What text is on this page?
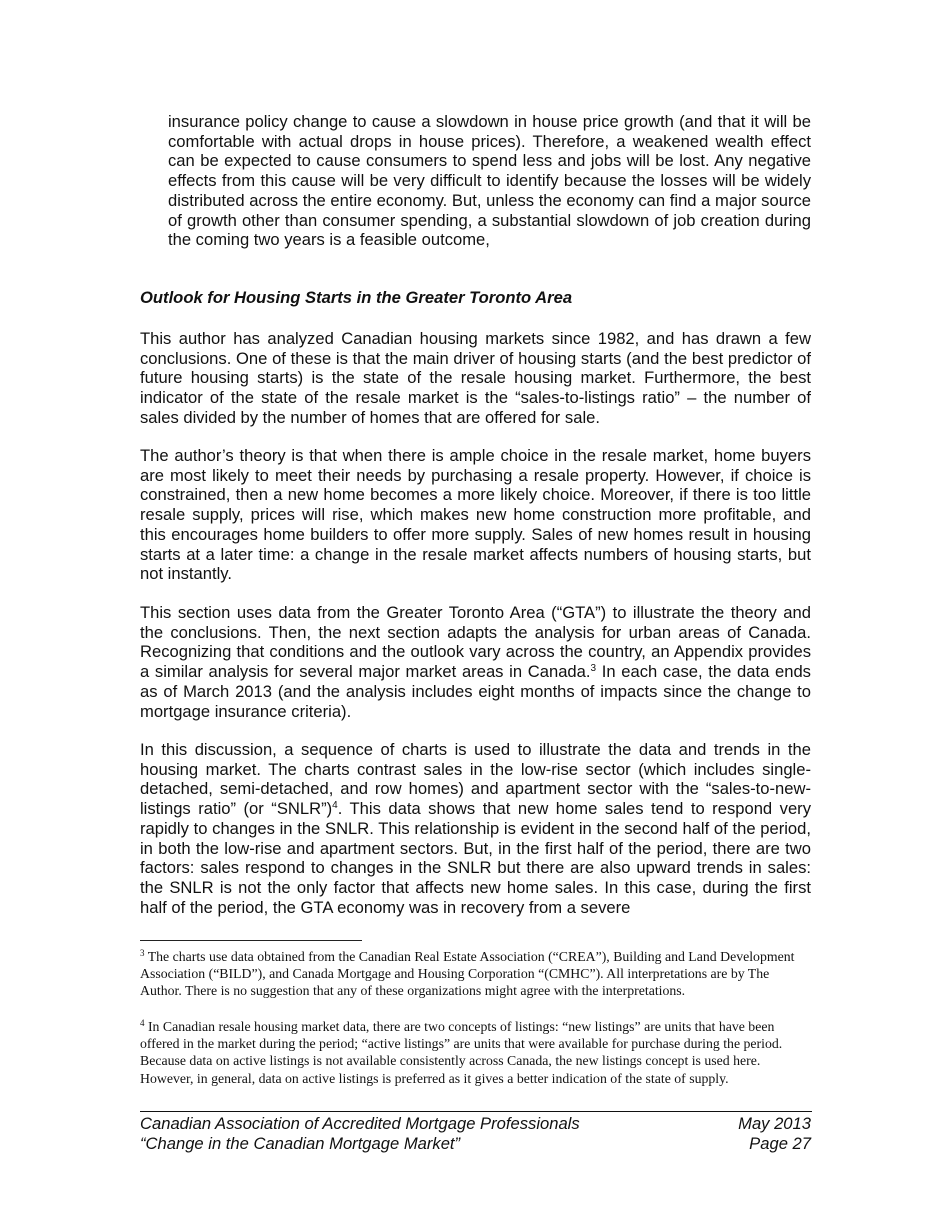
insurance policy change to cause a slowdown in house price growth (and that it will be comfortable with actual drops in house prices). Therefore, a weakened wealth effect can be expected to cause consumers to spend less and jobs will be lost. Any negative effects from this cause will be very difficult to identify because the losses will be widely distributed across the entire economy. But, unless the economy can find a major source of growth other than consumer spending, a substantial slowdown of job creation during the coming two years is a feasible outcome,

Outlook for Housing Starts in the Greater Toronto Area

This author has analyzed Canadian housing markets since 1982, and has drawn a few conclusions. One of these is that the main driver of housing starts (and the best predictor of future housing starts) is the state of the resale housing market. Furthermore, the best indicator of the state of the resale market is the “sales-to-listings ratio” – the number of sales divided by the number of homes that are offered for sale.

The author’s theory is that when there is ample choice in the resale market, home buyers are most likely to meet their needs by purchasing a resale property. However, if choice is constrained, then a new home becomes a more likely choice. Moreover, if there is too little resale supply, prices will rise, which makes new home construction more profitable, and this encourages home builders to offer more supply. Sales of new homes result in housing starts at a later time: a change in the resale market affects numbers of housing starts, but not instantly.

This section uses data from the Greater Toronto Area (“GTA”) to illustrate the theory and the conclusions. Then, the next section adapts the analysis for urban areas of Canada. Recognizing that conditions and the outlook vary across the country, an Appendix provides a similar analysis for several major market areas in Canada.$^3$ In each case, the data ends as of March 2013 (and the analysis includes eight months of impacts since the change to mortgage insurance criteria).

In this discussion, a sequence of charts is used to illustrate the data and trends in the housing market. The charts contrast sales in the low-rise sector (which includes single-detached, semi-detached, and row homes) and apartment sector with the “sales-to-new-listings ratio” (or “SNLR”)$^4$. This data shows that new home sales tend to respond very rapidly to changes in the SNLR. This relationship is evident in the second half of the period, in both the low-rise and apartment sectors. But, in the first half of the period, there are two factors: sales respond to changes in the SNLR but there are also upward trends in sales: the SNLR is not the only factor that affects new home sales. In this case, during the first half of the period, the GTA economy was in recovery from a severe

$^3$ The charts use data obtained from the Canadian Real Estate Association (“CREA”), Building and Land Development Association (“BILD”), and Canada Mortgage and Housing Corporation “(CMHC”). All interpretations are by The Author. There is no suggestion that any of these organizations might agree with the interpretations.

$^4$ In Canadian resale housing market data, there are two concepts of listings: “new listings” are units that have been offered in the market during the period; “active listings” are units that were available for purchase during the period. Because data on active listings is not available consistently across Canada, the new listings concept is used here. However, in general, data on active listings is preferred as it gives a better indication of the state of supply.

Canadian Association of Accredited Mortgage Professionals	May 2013
“Change in the Canadian Mortgage Market”	Page 27
